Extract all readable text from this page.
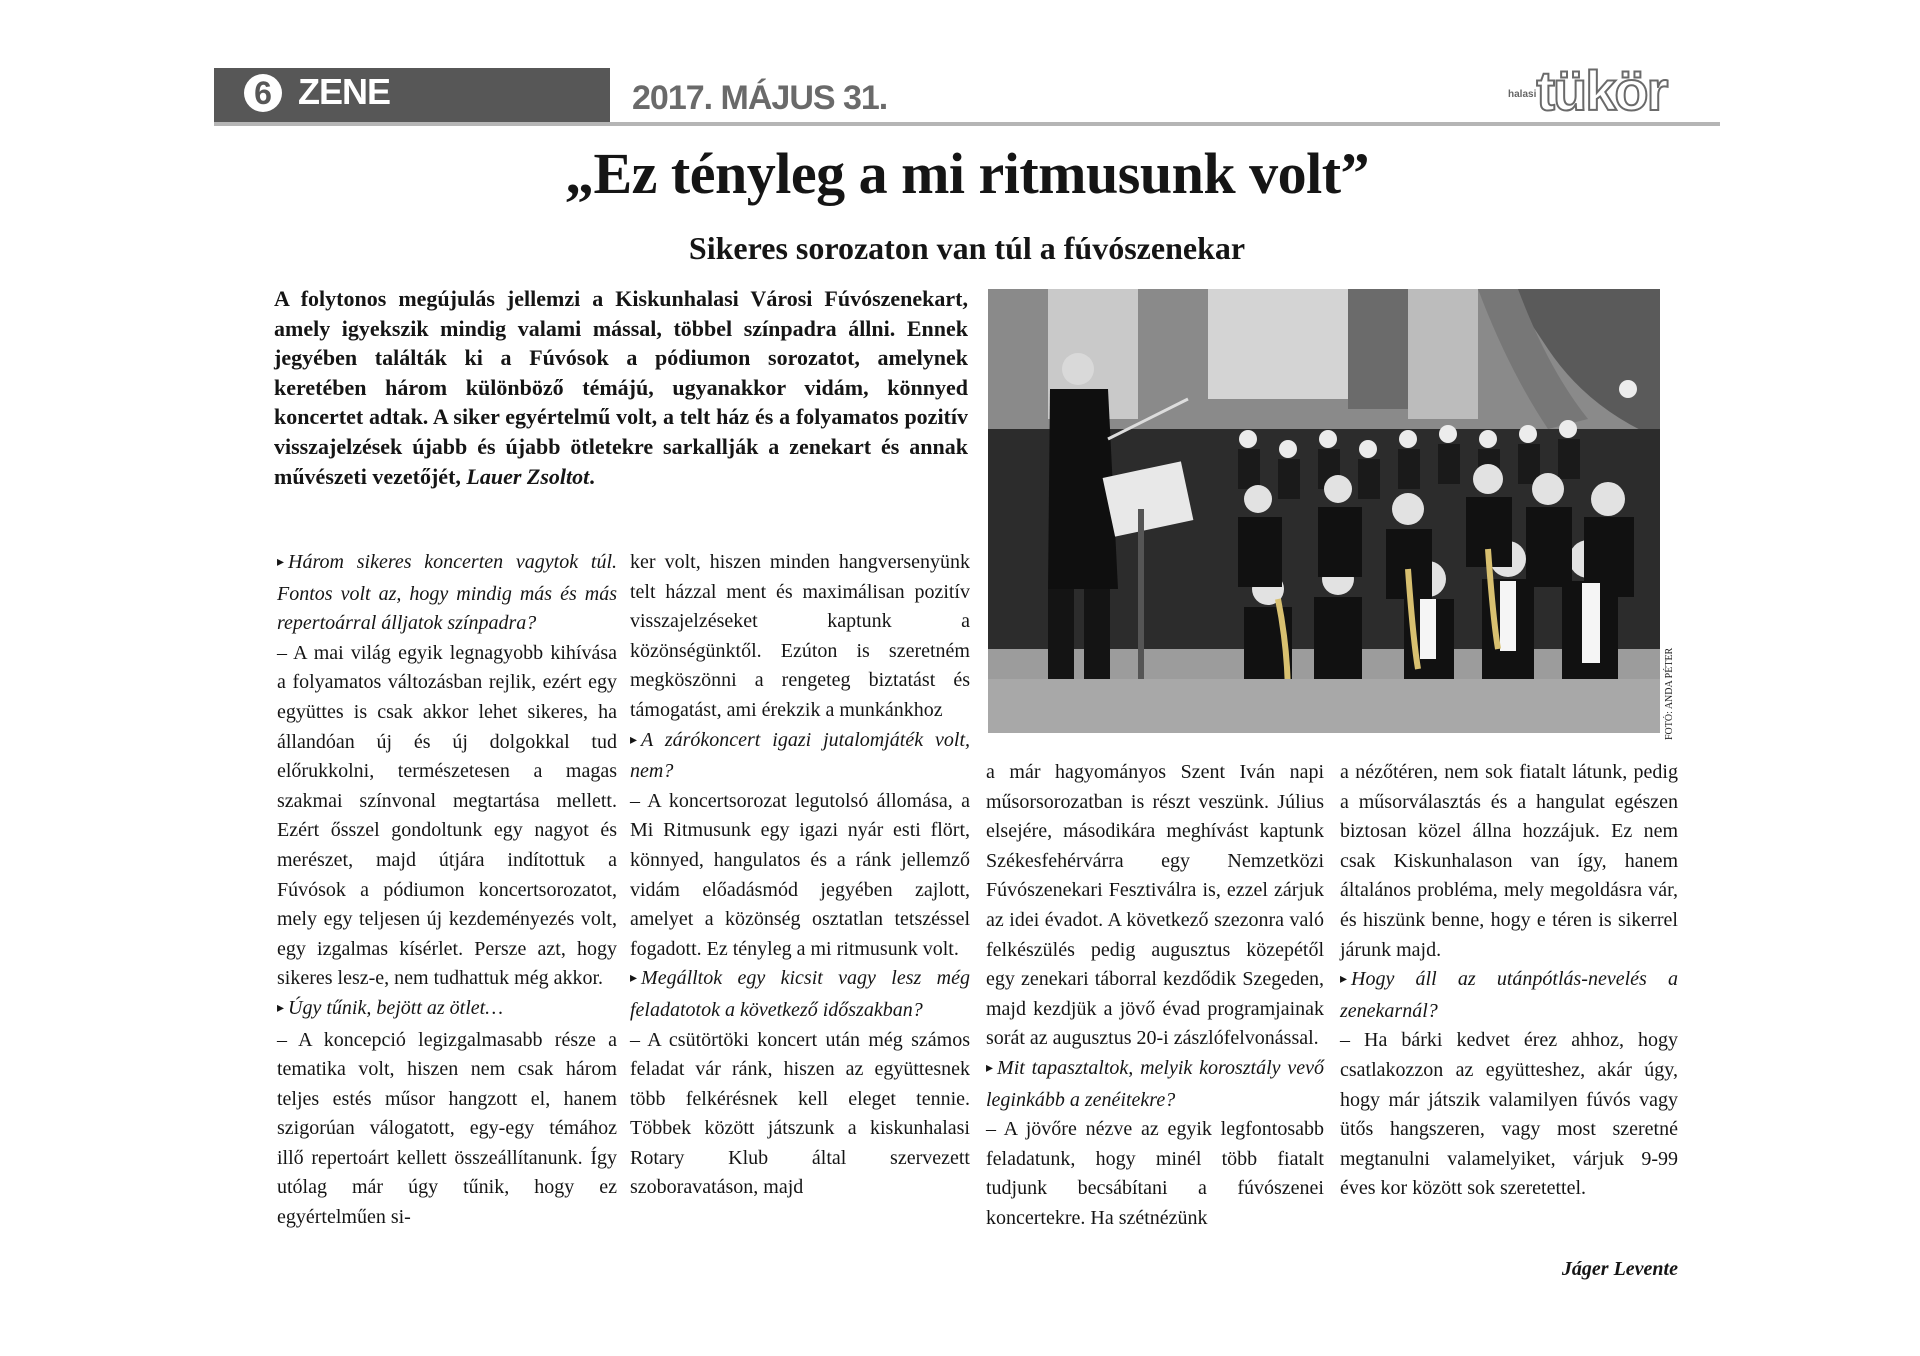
6 ZENE	2017. MÁJUS 31.	halasitükör
„Ez tényleg a mi ritmusunk volt”
Sikeres sorozaton van túl a fúvószenekar
A folytonos megújulás jellemzi a Kiskunhalasi Városi Fúvószenekart, amely igyekszik mindig valami mással, többel színpadra állni. Ennek jegyében találták ki a Fúvósok a pódiumon sorozatot, amelynek keretében három különböző témájú, ugyanakkor vidám, könnyed koncertet adtak. A siker egyértelmű volt, a telt ház és a folyamatos pozitív visszajelzések újabb és újabb ötletekre sarkallják a zenekart és annak művészeti vezetőjét, Lauer Zsoltot.
FOTÓ: ANDA PÉTER

▸ Három sikeres koncerten vagytok túl. Fontos volt az, hogy mindig más és más repertoárral álljatok színpadra?

– A mai világ egyik legnagyobb kihívása a folyamatos változásban rejlik, ezért egy együttes is csak akkor lehet sikeres, ha állandóan új és új dolgokkal tud előrukkolni, természetesen a magas szakmai színvonal megtartása mellett. Ezért ősszel gondoltunk egy nagyot és merészet, majd útjára indítottuk a Fúvósok a pódiumon koncertsorozatot, mely egy teljesen új kezdeményezés volt, egy izgalmas kísérlet. Persze azt, hogy sikeres lesz-e, nem tudhattuk még akkor.

▸ Úgy tűnik, bejött az ötlet…

– A koncepció legizgalmasabb része a tematika volt, hiszen nem csak három teljes estés műsor hangzott el, hanem szigorúan válogatott, egy-egy témához illő repertoárt kellett összeállítanunk. Így utólag már úgy tűnik, hogy ez egyértelműen si-

ker volt, hiszen minden hangversenyünk telt házzal ment és maximálisan pozitív visszajelzéseket kaptunk a közönségünktől. Ezúton is szeretném megköszönni a rengeteg biztatást és támogatást, ami érekzik a munkánkhoz

▸ A zárókoncert igazi jutalomjáték volt, nem?

– A koncertsorozat legutolsó állomása, a Mi Ritmusunk egy igazi nyár esti flört, könnyed, hangulatos és a ránk jellemző vidám előadásmód jegyében zajlott, amelyet a közönség osztatlan tetszéssel fogadott. Ez tényleg a mi ritmusunk volt.

▸ Megálltok egy kicsit vagy lesz még feladatotok a következő időszakban?

– A csütörtöki koncert után még számos feladat vár ránk, hiszen az együttesnek több felkérésnek kell eleget tennie. Többek között játszunk a kiskunhalasi Rotary Klub által szervezett szoboravatáson, majd

a már hagyományos Szent Iván napi műsorsorozatban is részt veszünk. Július elsejére, másodikára meghívást kaptunk Székesfehérvárra egy Nemzetközi Fúvószenekari Fesztiválra is, ezzel zárjuk az idei évadot. A következő szezonra való felkészülés pedig augusztus közepétől egy zenekari táborral kezdődik Szegeden, majd kezdjük a jövő évad programjainak sorát az augusztus 20-i zászlófelvonással.

▸ Mit tapasztaltok, melyik korosztály vevő leginkább a zenéitekre?

– A jövőre nézve az egyik legfontosabb feladatunk, hogy minél több fiatalt tudjunk becsábítani a fúvószenei koncertekre. Ha szétnézünk

a nézőtéren, nem sok fiatalt látunk, pedig a műsorválasztás és a hangulat egészen biztosan közel állna hozzájuk. Ez nem csak Kiskunhalason van így, hanem általános probléma, mely megoldásra vár, és hiszünk benne, hogy e téren is sikerrel járunk majd.

▸ Hogy áll az utánpótlás-nevelés a zenekarnál?

– Ha bárki kedvet érez ahhoz, hogy csatlakozzon az együtteshez, akár úgy, hogy már játszik valamilyen fúvós vagy ütős hangszeren, vagy most szeretné megtanulni valamelyiket, várjuk 9-99 éves kor között sok szeretettel.

Jáger Levente
